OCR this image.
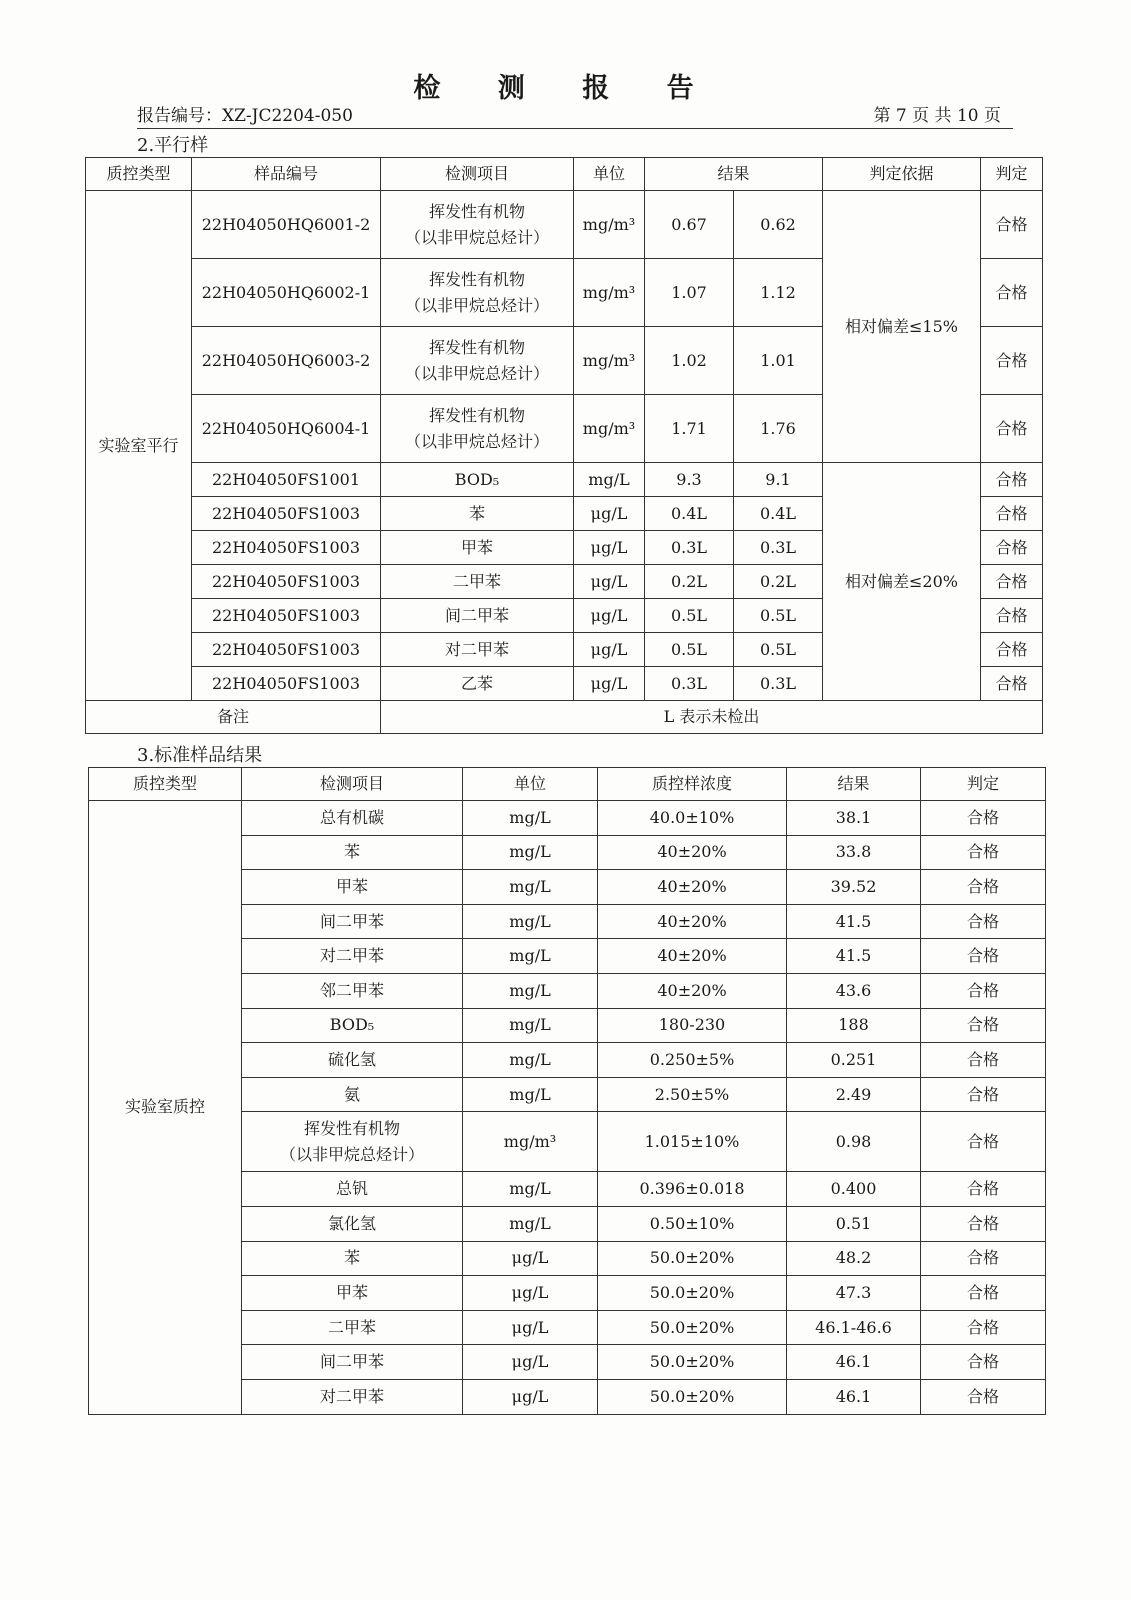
检 测 报 告
报告编号：XZ-JC2204-050	第 7 页 共 10 页
2.平行样
质控类型	样品编号	检测项目	单位	结果		判定依据	判定
实验室平行	22H04050HQ6001-2	挥发性有机物
（以非甲烷总烃计）	mg/m³	0.67	0.62	相对偏差≤15%	合格
	22H04050HQ6002-1	挥发性有机物
（以非甲烷总烃计）	mg/m³	1.07	1.12		合格
	22H04050HQ6003-2	挥发性有机物
（以非甲烷总烃计）	mg/m³	1.02	1.01		合格
	22H04050HQ6004-1	挥发性有机物
（以非甲烷总烃计）	mg/m³	1.71	1.76		合格
	22H04050FS1001	BOD₅	mg/L	9.3	9.1	相对偏差≤20%	合格
	22H04050FS1003	苯	μg/L	0.4L	0.4L		合格
	22H04050FS1003	甲苯	μg/L	0.3L	0.3L		合格
	22H04050FS1003	二甲苯	μg/L	0.2L	0.2L		合格
	22H04050FS1003	间二甲苯	μg/L	0.5L	0.5L		合格
	22H04050FS1003	对二甲苯	μg/L	0.5L	0.5L		合格
	22H04050FS1003	乙苯	μg/L	0.3L	0.3L		合格
备注		L 表示未检出					
3.标准样品结果
质控类型	检测项目	单位	质控样浓度	结果	判定
实验室质控	总有机碳	mg/L	40.0±10%	38.1	合格

	苯	mg/L	40±20%	33.8	合格

	甲苯	mg/L	40±20%	39.52	合格

	间二甲苯	mg/L	40±20%	41.5	合格

	对二甲苯	mg/L	40±20%	41.5	合格

	邻二甲苯	mg/L	40±20%	43.6	合格

	BOD₅	mg/L	180-230	188	合格

	硫化氢	mg/L	0.250±5%	0.251	合格

	氨	mg/L	2.50±5%	2.49	合格

	挥发性有机物
（以非甲烷总烃计）	mg/m³	1.015±10%	0.98	合格

	总钒	mg/L	0.396±0.018	0.400	合格

	氯化氢	mg/L	0.50±10%	0.51	合格

	苯	μg/L	50.0±20%	48.2	合格

	甲苯	μg/L	50.0±20%	47.3	合格

	二甲苯	μg/L	50.0±20%	46.1-46.6	合格

	间二甲苯	μg/L	50.0±20%	46.1	合格

	对二甲苯	μg/L	50.0±20%	46.1	合格
